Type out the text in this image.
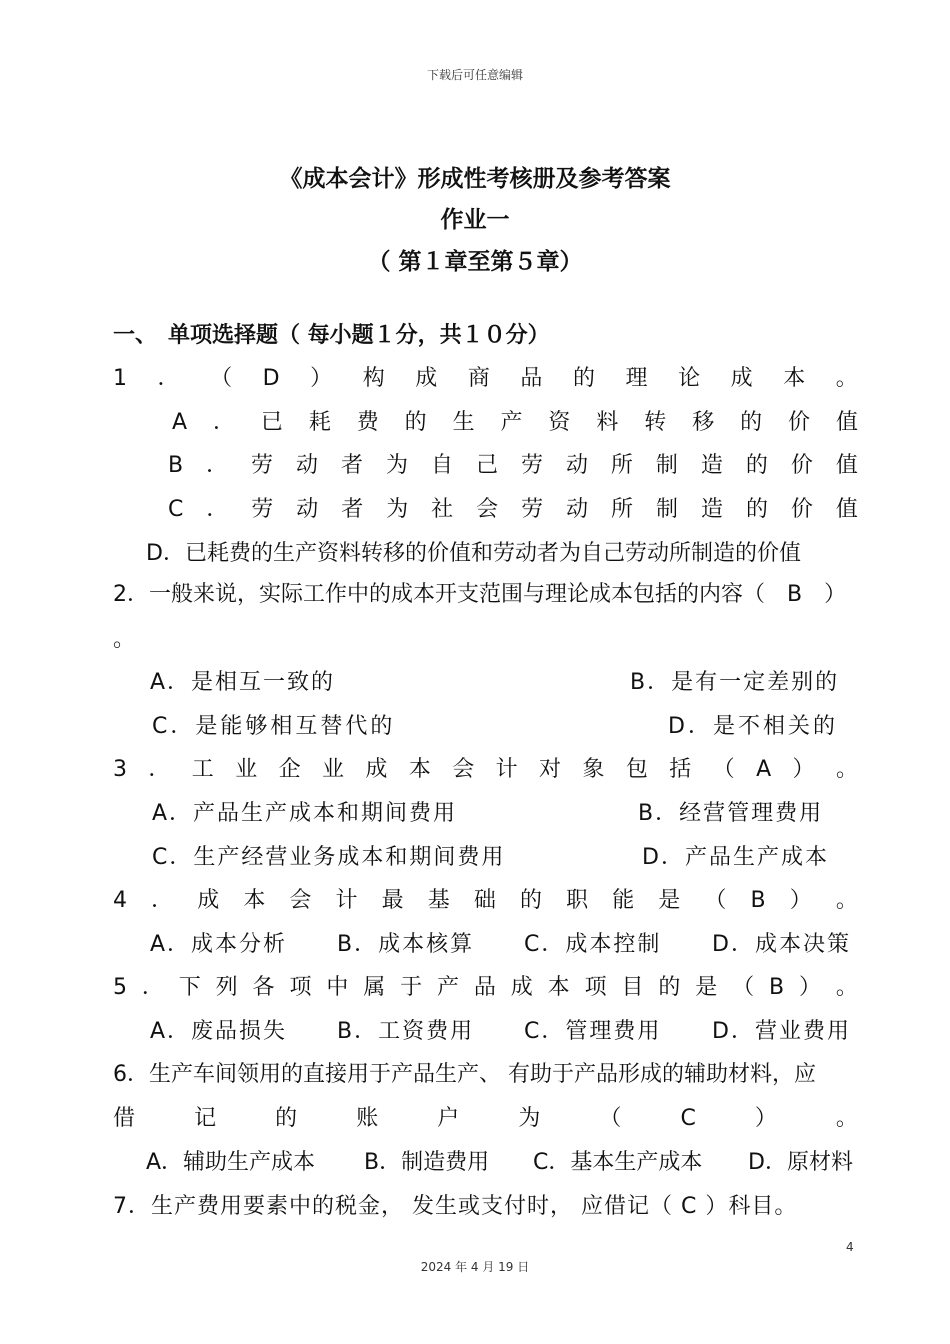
下载后可任意编辑
《成本会计》形成性考核册及参考答案
作业一
（ 第１章至第５章）
一、　单项选择题（ 每小题１分，共１０分）
1 ． （ D ） 构 成 商 品 的 理 论 成 本 。
A ． 已 耗 费 的 生 产 资 料 转 移 的 价 值
B ． 劳 动 者 为 自 己 劳 动 所 制 造 的 价 值
C ． 劳 动 者 为 社 会 劳 动 所 制 造 的 价 值
D．已耗费的生产资料转移的价值和劳动者为自己劳动所制造的价值
2．一般来说，实际工作中的成本开支范围与理论成本包括的内容（　B　）
。
A．是相互一致的	B．是有一定差别的
C．是能够相互替代的	D．是不相关的
3 ． 工 业 企 业 成 本 会 计 对 象 包 括 （ A ） 。
A．产品生产成本和期间费用	B．经营管理费用
C．生产经营业务成本和期间费用	D．产品生产成本
4 ． 成 本 会 计 最 基 础 的 职 能 是 （ B ） 。
A．成本分析 B．成本核算 C．成本控制 D．成本决策
5 ． 下 列 各 项 中 属 于 产 品 成 本 项 目 的 是 （ B ） 。
A．废品损失 B．工资费用 C．管理费用 D．营业费用
6．生产车间领用的直接用于产品生产、 有助于产品形成的辅助材料，应
借	记	的	账	户	为	（	C	）	。
A．辅助生产成本 B．制造费用 C．基本生产成本 D．原材料
7．生产费用要素中的税金， 发生或支付时， 应借记（ C ）科目。
4
2024 年 4 月 19 日
